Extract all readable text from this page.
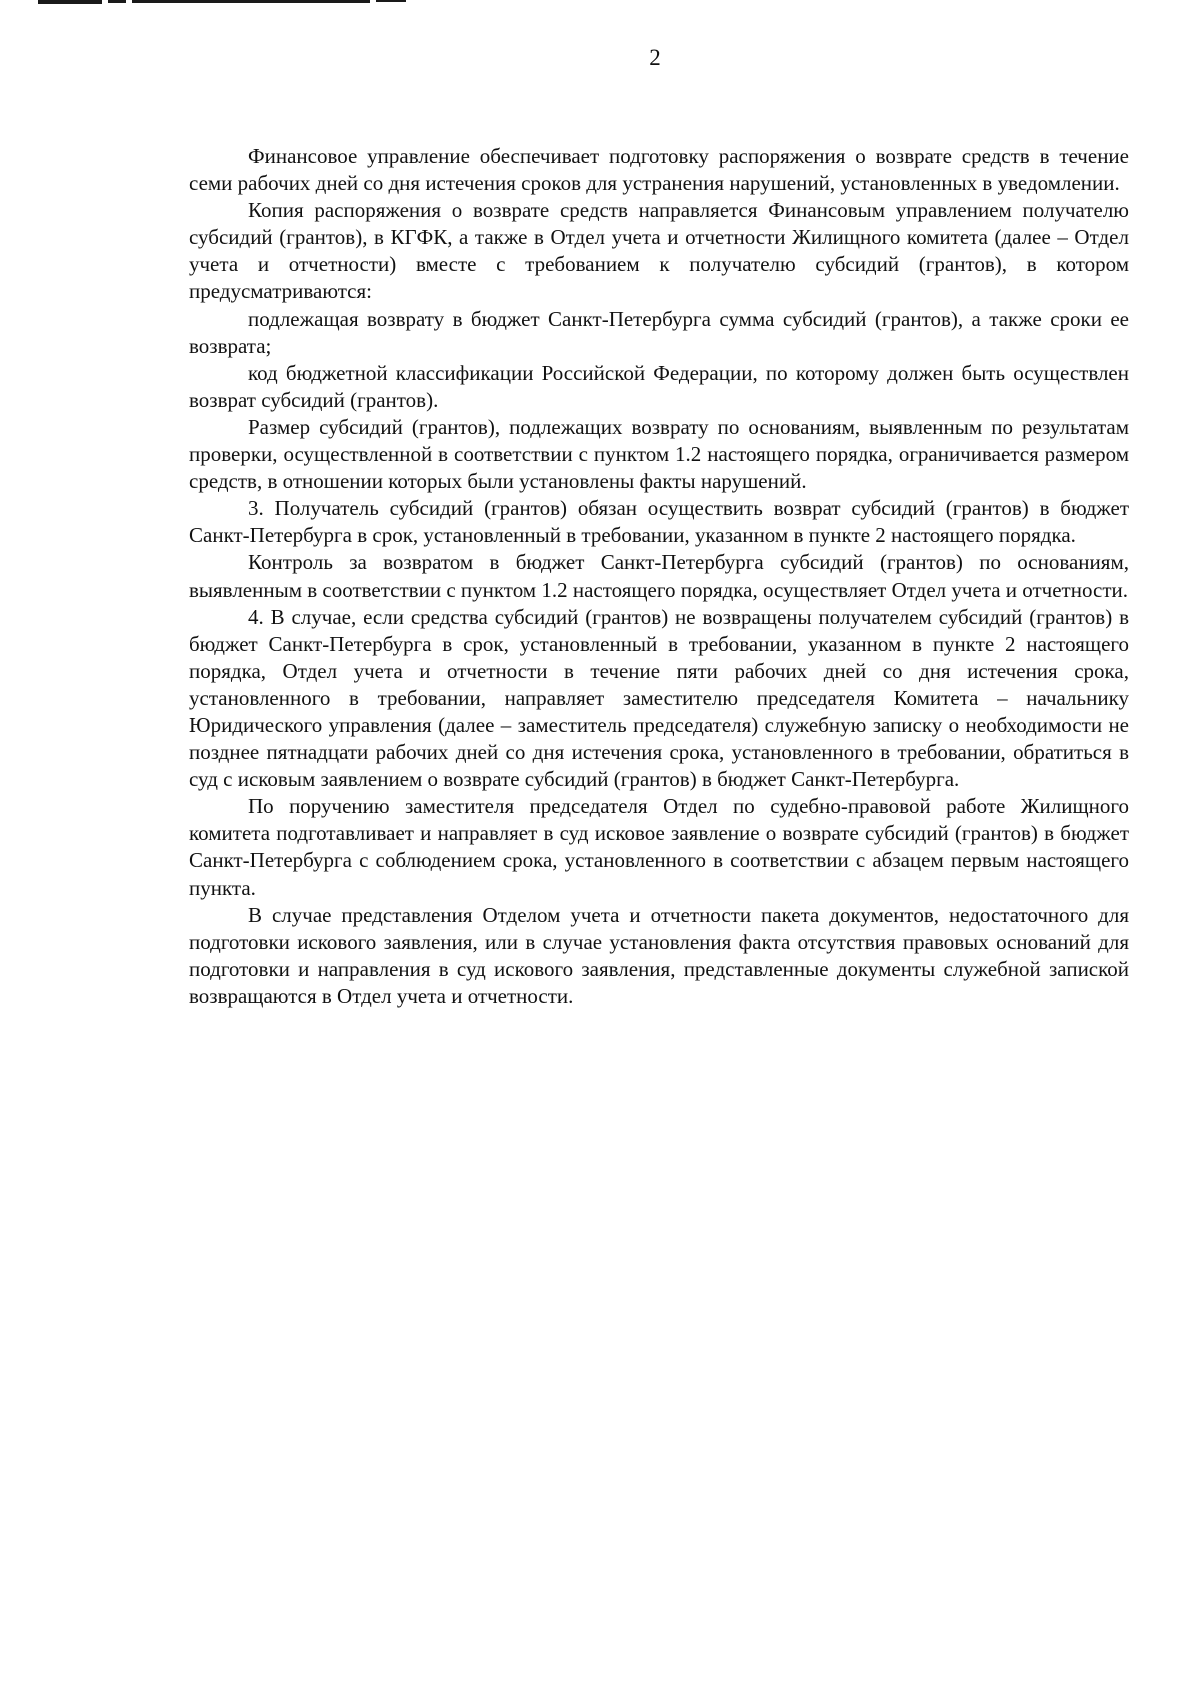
2

Финансовое управление обеспечивает подготовку распоряжения о возврате средств в течение семи рабочих дней со дня истечения сроков для устранения нарушений, установленных в уведомлении.

Копия распоряжения о возврате средств направляется Финансовым управлением получателю субсидий (грантов), в КГФК, а также в Отдел учета и отчетности Жилищного комитета (далее – Отдел учета и отчетности) вместе с требованием к получателю субсидий (грантов), в котором предусматриваются:

подлежащая возврату в бюджет Санкт-Петербурга сумма субсидий (грантов), а также сроки ее возврата;

код бюджетной классификации Российской Федерации, по которому должен быть осуществлен возврат субсидий (грантов).

Размер субсидий (грантов), подлежащих возврату по основаниям, выявленным по результатам проверки, осуществленной в соответствии с пунктом 1.2 настоящего порядка, ограничивается размером средств, в отношении которых были установлены факты нарушений.

3. Получатель субсидий (грантов) обязан осуществить возврат субсидий (грантов) в бюджет Санкт-Петербурга в срок, установленный в требовании, указанном в пункте 2 настоящего порядка.

Контроль за возвратом в бюджет Санкт-Петербурга субсидий (грантов) по основаниям, выявленным в соответствии с пунктом 1.2 настоящего порядка, осуществляет Отдел учета и отчетности.

4. В случае, если средства субсидий (грантов) не возвращены получателем субсидий (грантов) в бюджет Санкт-Петербурга в срок, установленный в требовании, указанном в пункте 2 настоящего порядка, Отдел учета и отчетности в течение пяти рабочих дней со дня истечения срока, установленного в требовании, направляет заместителю председателя Комитета – начальнику Юридического управления (далее – заместитель председателя) служебную записку о необходимости не позднее пятнадцати рабочих дней со дня истечения срока, установленного в требовании, обратиться в суд с исковым заявлением о возврате субсидий (грантов) в бюджет Санкт-Петербурга.

По поручению заместителя председателя Отдел по судебно-правовой работе Жилищного комитета подготавливает и направляет в суд исковое заявление о возврате субсидий (грантов) в бюджет Санкт-Петербурга с соблюдением срока, установленного в соответствии с абзацем первым настоящего пункта.

В случае представления Отделом учета и отчетности пакета документов, недостаточного для подготовки искового заявления, или в случае установления факта отсутствия правовых оснований для подготовки и направления в суд искового заявления, представленные документы служебной запиской возвращаются в Отдел учета и отчетности.
